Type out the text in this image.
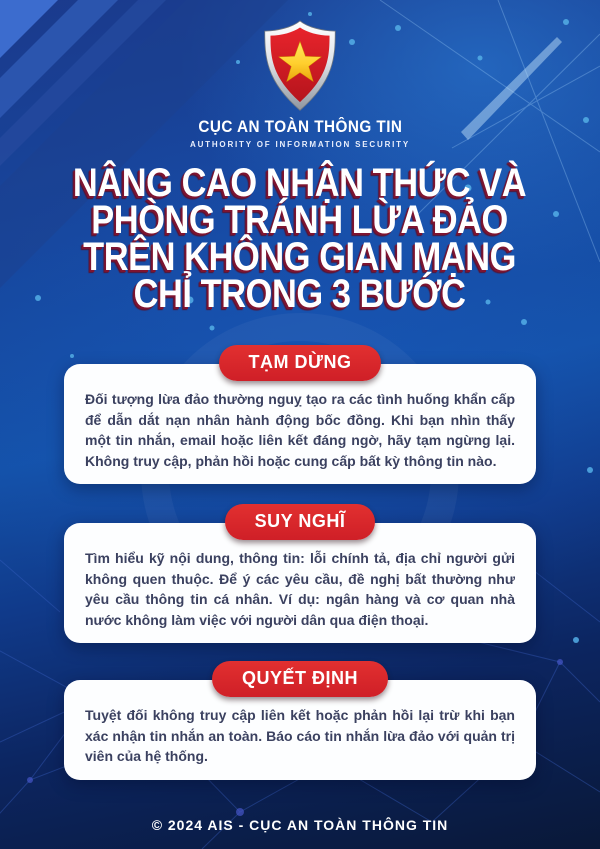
CỤC AN TOÀN THÔNG TIN
AUTHORITY OF INFORMATION SECURITY
NÂNG CAO NHẬN THỨC VÀ
PHÒNG TRÁNH LỪA ĐẢO
TRÊN KHÔNG GIAN MẠNG
CHỈ TRONG 3 BƯỚC
TẠM DỪNG
Đối tượng lừa đảo thường nguỵ tạo ra các tình huống khẩn cấp để dẫn dắt nạn nhân hành động bốc đồng. Khi bạn nhìn thấy một tin nhắn, email hoặc liên kết đáng ngờ, hãy tạm ngừng lại. Không truy cập, phản hồi hoặc cung cấp bất kỳ thông tin nào.
SUY NGHĨ
Tìm hiểu kỹ nội dung, thông tin: lỗi chính tả, địa chỉ người gửi không quen thuộc. Để ý các yêu cầu, đề nghị bất thường như yêu cầu thông tin cá nhân. Ví dụ: ngân hàng và cơ quan nhà nước không làm việc với người dân qua điện thoại.
QUYẾT ĐỊNH
Tuyệt đối không truy cập liên kết hoặc phản hồi lại trừ khi bạn xác nhận tin nhắn an toàn. Báo cáo tin nhắn lừa đảo với quản trị viên của hệ thống.
© 2024 AIS - CỤC AN TOÀN THÔNG TIN
